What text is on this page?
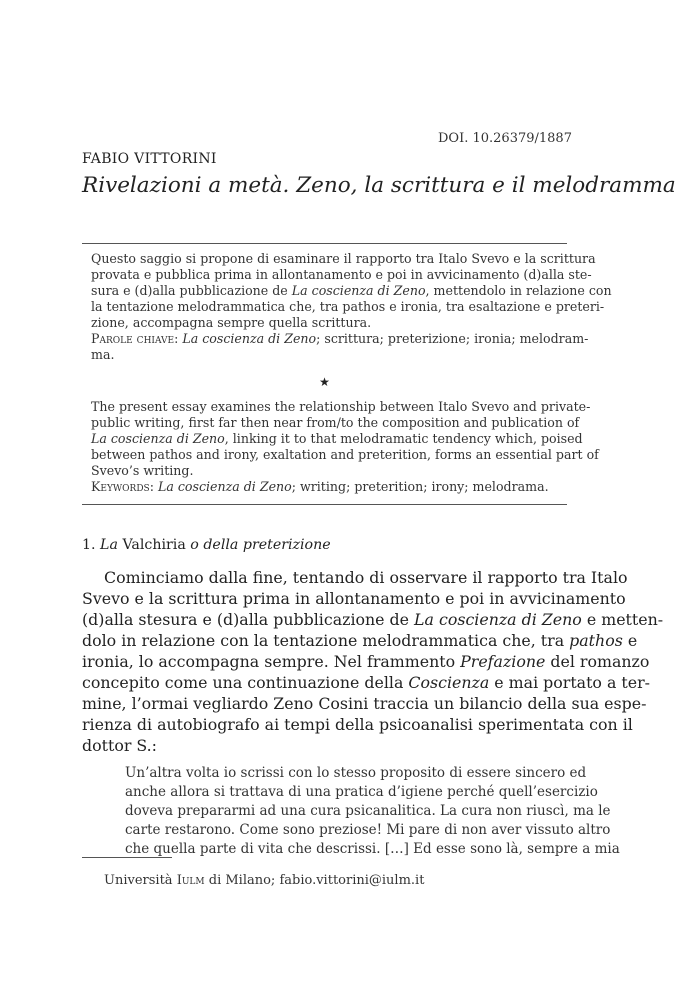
DOI. 10.26379/1887
FABIO VITTORINI
Rivelazioni a metà. Zeno, la scrittura e il melodramma
Questo saggio si propone di esaminare il rapporto tra Italo Svevo e la scrittura
provata e pubblica prima in allontanamento e poi in avvicinamento (d)alla ste-
sura e (d)alla pubblicazione de La coscienza di Zeno, mettendolo in relazione con
la tentazione melodrammatica che, tra pathos e ironia, tra esaltazione e preteri-
zione, accompagna sempre quella scrittura.
Parole chiave: La coscienza di Zeno; scrittura; preterizione; ironia; melodram-
ma.
★
The present essay examines the relationship between Italo Svevo and private-
public writing, first far then near from/to the composition and publication of
La coscienza di Zeno, linking it to that melodramatic tendency which, poised
between pathos and irony, exaltation and preterition, forms an essential part of
Svevo’s writing.
Keywords: La coscienza di Zeno; writing; preterition; irony; melodrama.
1. La Valchiria o della preterizione
Cominciamo dalla fine, tentando di osservare il rapporto tra Italo
Svevo e la scrittura prima in allontanamento e poi in avvicinamento
(d)alla stesura e (d)alla pubblicazione de La coscienza di Zeno e metten-
dolo in relazione con la tentazione melodrammatica che, tra pathos e
ironia, lo accompagna sempre. Nel frammento Prefazione del romanzo
concepito come una continuazione della Coscienza e mai portato a ter-
mine, l’ormai vegliardo Zeno Cosini traccia un bilancio della sua espe-
rienza di autobiografo ai tempi della psicoanalisi sperimentata con il
dottor S.:
Un’altra volta io scrissi con lo stesso proposito di essere sincero ed
anche allora si trattava di una pratica d’igiene perché quell’esercizio
doveva prepararmi ad una cura psicanalitica. La cura non riuscì, ma le
carte restarono. Come sono preziose! Mi pare di non aver vissuto altro
che quella parte di vita che descrissi. […] Ed esse sono là, sempre a mia
Università Iulm di Milano; fabio.vittorini@iulm.it
